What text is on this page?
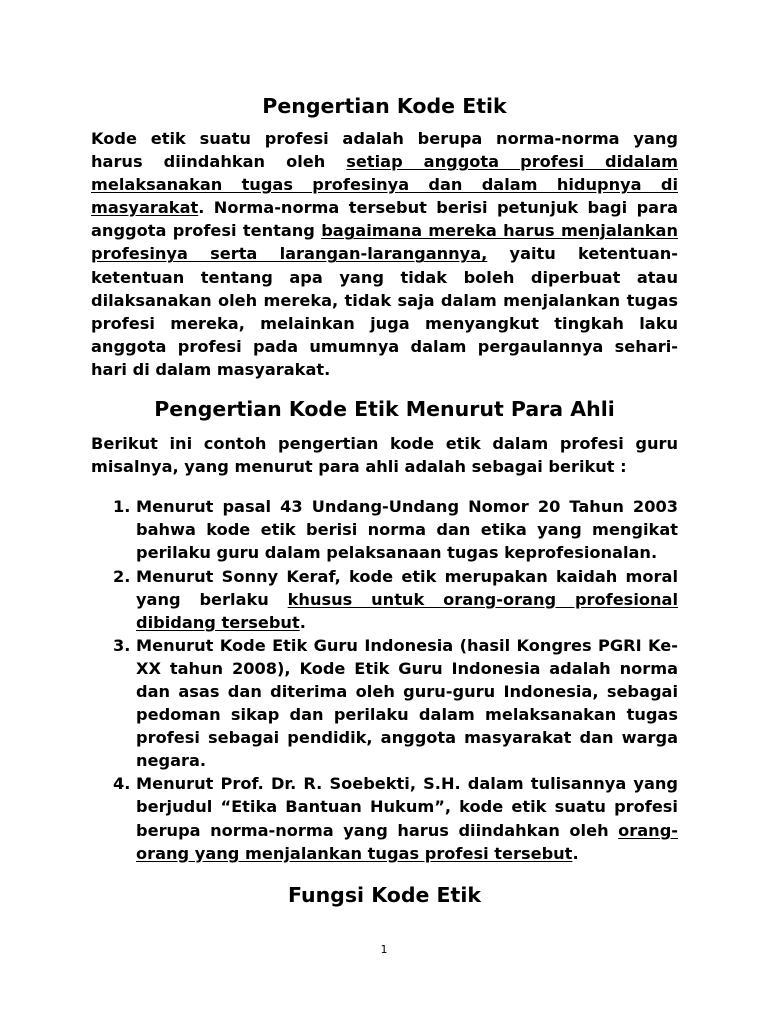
Pengertian Kode Etik

Kode etik suatu profesi adalah berupa norma-norma yang harus diindahkan oleh setiap anggota profesi didalam melaksanakan tugas profesinya dan dalam hidupnya di masyarakat. Norma-norma tersebut berisi petunjuk bagi para anggota profesi tentang bagaimana mereka harus menjalankan profesinya serta larangan-larangannya, yaitu ketentuan-ketentuan tentang apa yang tidak boleh diperbuat atau dilaksanakan oleh mereka, tidak saja dalam menjalankan tugas profesi mereka, melainkan juga menyangkut tingkah laku anggota profesi pada umumnya dalam pergaulannya sehari-hari di dalam masyarakat.

Pengertian Kode Etik Menurut Para Ahli

Berikut ini contoh pengertian kode etik dalam profesi guru misalnya, yang menurut para ahli adalah sebagai berikut :

1. Menurut pasal 43 Undang-Undang Nomor 20 Tahun 2003 bahwa kode etik berisi norma dan etika yang mengikat perilaku guru dalam pelaksanaan tugas keprofesionalan.
2. Menurut Sonny Keraf, kode etik merupakan kaidah moral yang berlaku khusus untuk orang-orang profesional dibidang tersebut.
3. Menurut Kode Etik Guru Indonesia (hasil Kongres PGRI Ke-XX tahun 2008), Kode Etik Guru Indonesia adalah norma dan asas dan diterima oleh guru-guru Indonesia, sebagai pedoman sikap dan perilaku dalam melaksanakan tugas profesi sebagai pendidik, anggota masyarakat dan warga negara.
4. Menurut Prof. Dr. R. Soebekti, S.H. dalam tulisannya yang berjudul “Etika Bantuan Hukum”, kode etik suatu profesi berupa norma-norma yang harus diindahkan oleh orang-orang yang menjalankan tugas profesi tersebut.
Fungsi Kode Etik
1
